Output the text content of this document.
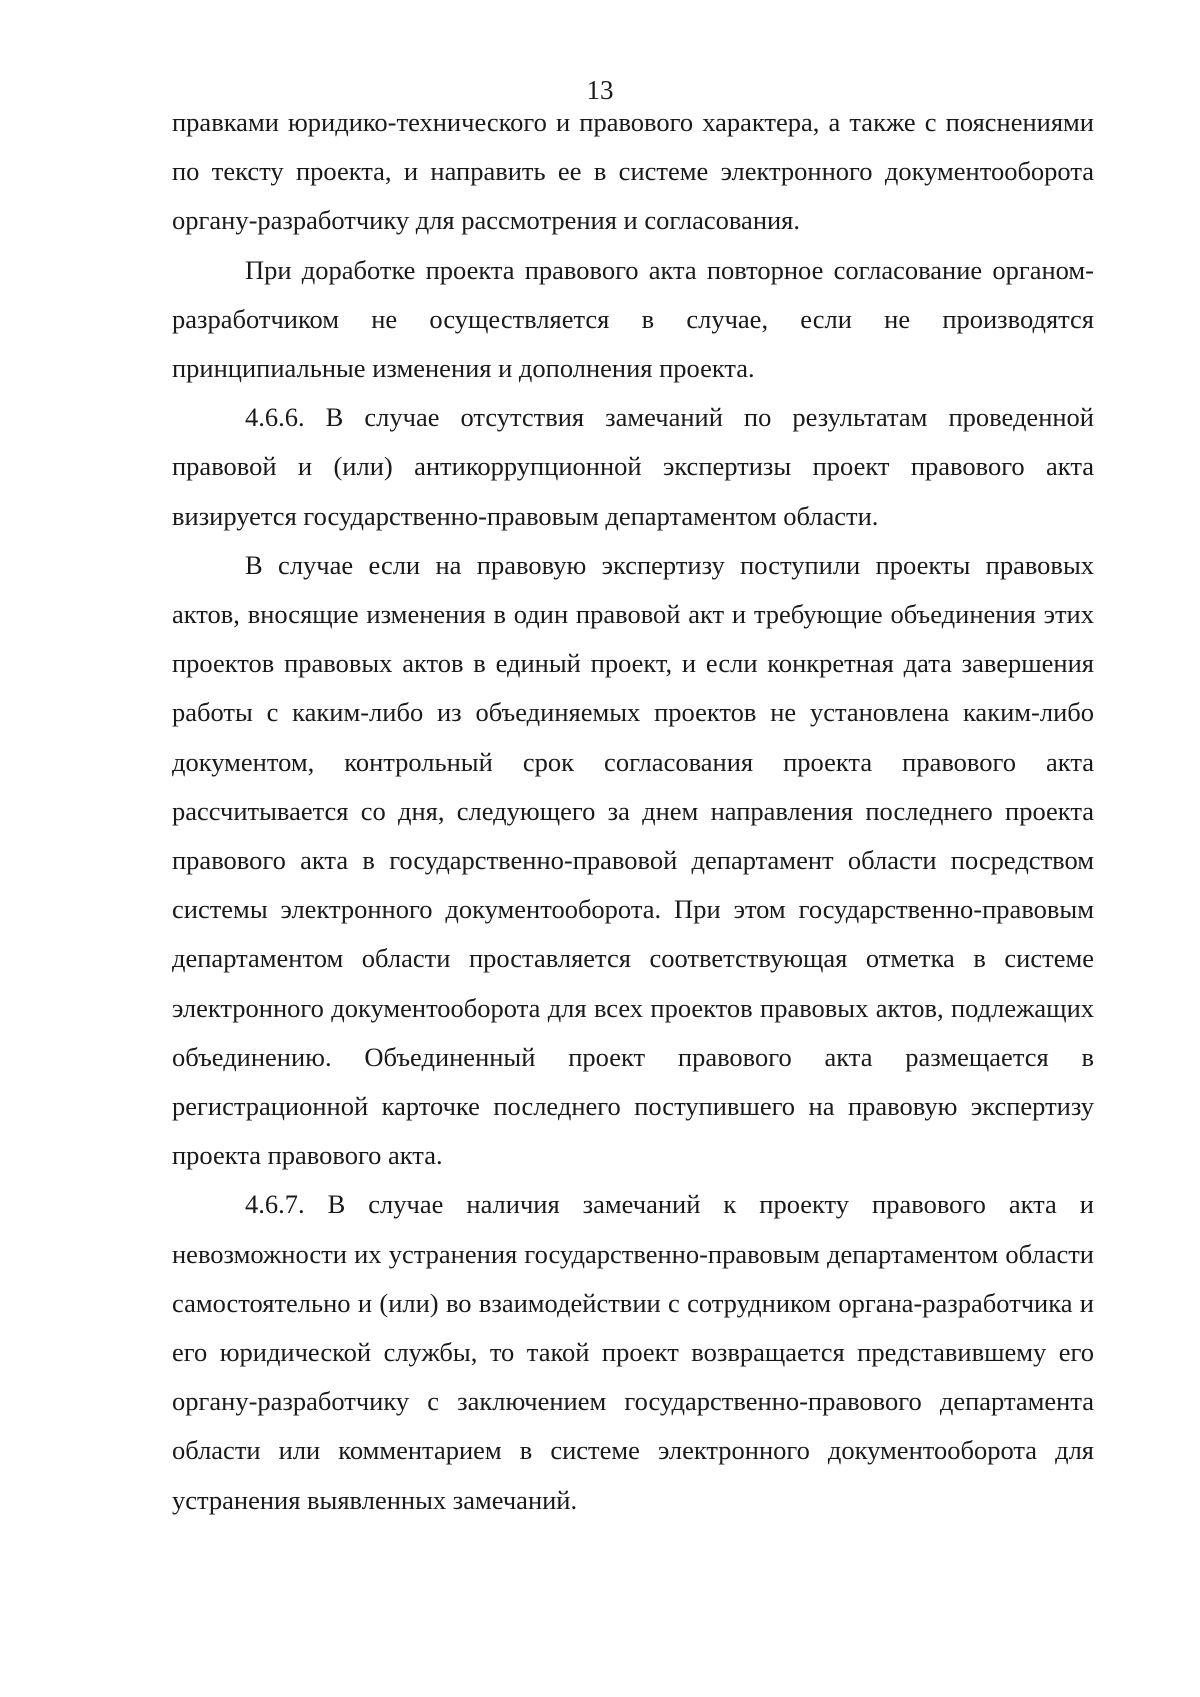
13

правками юридико-технического и правового характера, а также с пояснениями по тексту проекта, и направить ее в системе электронного документооборота органу-разработчику для рассмотрения и согласования.

При доработке проекта правового акта повторное согласование органом-разработчиком не осуществляется в случае, если не производятся принципиальные изменения и дополнения проекта.

4.6.6. В случае отсутствия замечаний по результатам проведенной правовой и (или) антикоррупционной экспертизы проект правового акта визируется государственно-правовым департаментом области.

В случае если на правовую экспертизу поступили проекты правовых актов, вносящие изменения в один правовой акт и требующие объединения этих проектов правовых актов в единый проект, и если конкретная дата завершения работы с каким-либо из объединяемых проектов не установлена каким-либо документом, контрольный срок согласования проекта правового акта рассчитывается со дня, следующего за днем направления последнего проекта правового акта в государственно-правовой департамент области посредством системы электронного документооборота. При этом государственно-правовым департаментом области проставляется соответствующая отметка в системе электронного документооборота для всех проектов правовых актов, подлежащих объединению. Объединенный проект правового акта размещается в регистрационной карточке последнего поступившего на правовую экспертизу проекта правового акта.

4.6.7. В случае наличия замечаний к проекту правового акта и невозможности их устранения государственно-правовым департаментом области самостоятельно и (или) во взаимодействии с сотрудником органа-разработчика и его юридической службы, то такой проект возвращается представившему его органу-разработчику с заключением государственно-правового департамента области или комментарием в системе электронного документооборота для устранения выявленных замечаний.
